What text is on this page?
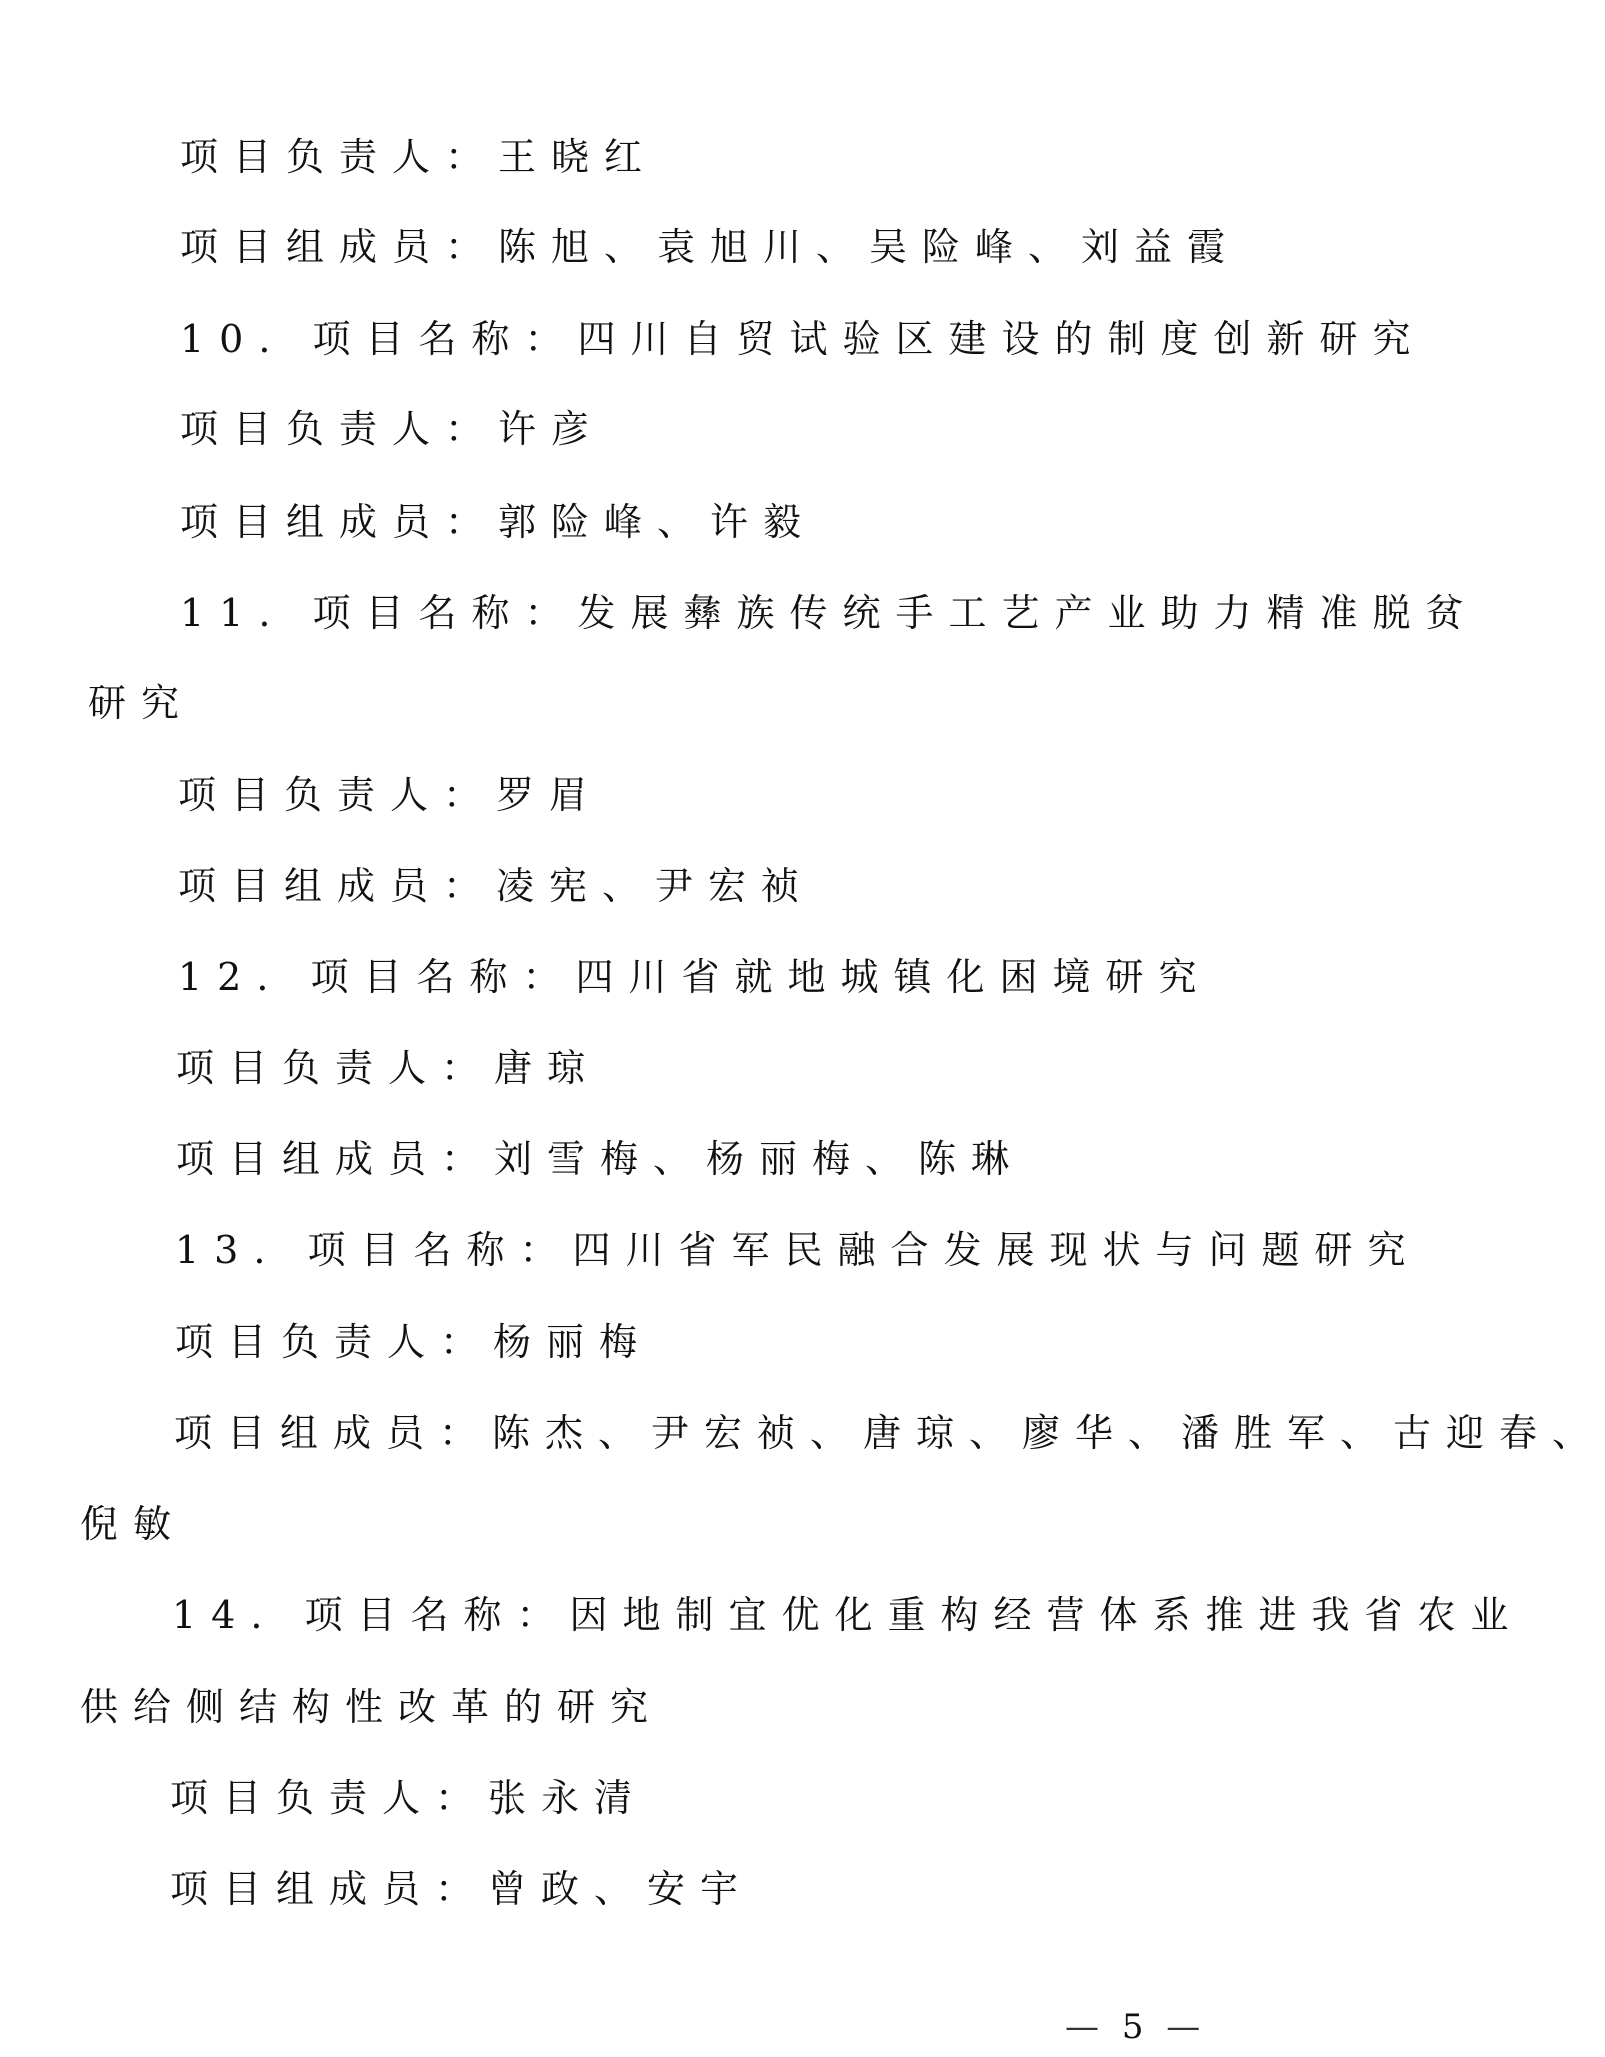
项目负责人：王晓红
项目组成员：陈旭、袁旭川、吴险峰、刘益霞
10. 项目名称：四川自贸试验区建设的制度创新研究
项目负责人：许彦
项目组成员：郭险峰、许毅
11. 项目名称：发展彝族传统手工艺产业助力精准脱贫
研究
项目负责人：罗眉
项目组成员：凌宪、尹宏祯
12. 项目名称：四川省就地城镇化困境研究
项目负责人：唐琼
项目组成员：刘雪梅、杨丽梅、陈琳
13. 项目名称：四川省军民融合发展现状与问题研究
项目负责人：杨丽梅
项目组成员：陈杰、尹宏祯、唐琼、廖华、潘胜军、古迎春、
倪敏
14. 项目名称：因地制宜优化重构经营体系推进我省农业
供给侧结构性改革的研究
项目负责人：张永清
项目组成员：曾政、安宇
— 5 —
